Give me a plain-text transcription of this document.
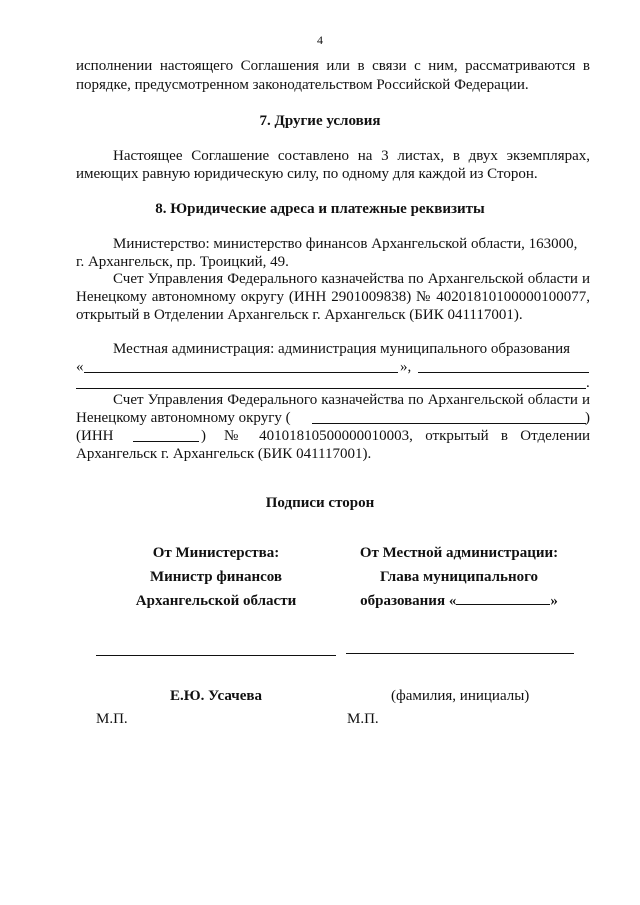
4
исполнении настоящего Соглашения или в связи с ним, рассматриваются в
порядке, предусмотренном законодательством Российской Федерации.
7. Другие условия
Настоящее Соглашение составлено на 3 листах, в двух экземплярах,
имеющих равную юридическую силу, по одному для каждой из Сторон.
8. Юридические адреса и платежные реквизиты
Министерство: министерство финансов Архангельской области, 163000,
г. Архангельск, пр. Троицкий, 49.
Счет Управления Федерального казначейства по Архангельской области и
Ненецкому автономному округу (ИНН 2901009838) № 40201810100000100077,
открытый в Отделении Архангельск г. Архангельск (БИК 041117001).
Местная администрация: администрация муниципального образования
«	»,
.
Счет Управления Федерального казначейства по Архангельской области и
Ненецкому автономному округу (	)
(ИНН	) № 40101810500000010003, открытый в Отделении
Архангельск г. Архангельск (БИК 041117001).
Подписи сторон
От Министерства:
Министр финансов
Архангельской области
От Местной администрации:
Глава муниципального
образования «	»
Е.Ю. Усачева	(фамилия, инициалы)
М.П.	М.П.
